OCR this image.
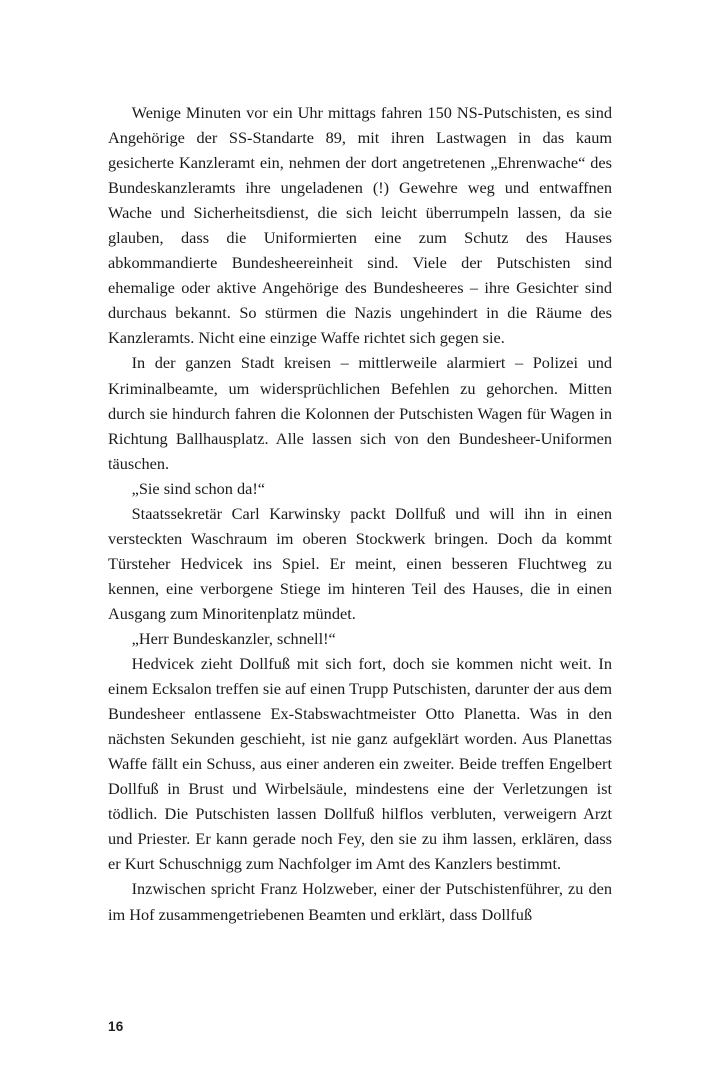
Wenige Minuten vor ein Uhr mittags fahren 150 NS-Putschisten, es sind Angehörige der SS-Standarte 89, mit ihren Lastwagen in das kaum gesicherte Kanzleramt ein, nehmen der dort angetretenen „Ehrenwache“ des Bundeskanzleramts ihre ungeladenen (!) Gewehre weg und entwaffnen Wache und Sicherheitsdienst, die sich leicht überrumpeln lassen, da sie glauben, dass die Uniformierten eine zum Schutz des Hauses abkommandierte Bundesheereinheit sind. Viele der Putschisten sind ehemalige oder aktive Angehörige des Bundesheeres – ihre Gesichter sind durchaus bekannt. So stürmen die Nazis ungehindert in die Räume des Kanzleramts. Nicht eine einzige Waffe richtet sich gegen sie.

In der ganzen Stadt kreisen – mittlerweile alarmiert – Polizei und Kriminalbeamte, um widersprüchlichen Befehlen zu gehorchen. Mitten durch sie hindurch fahren die Kolonnen der Putschisten Wagen für Wagen in Richtung Ballhausplatz. Alle lassen sich von den Bundesheer-Uniformen täuschen.

„Sie sind schon da!“

Staatssekretär Carl Karwinsky packt Dollfuß und will ihn in einen versteckten Waschraum im oberen Stockwerk bringen. Doch da kommt Türsteher Hedvicek ins Spiel. Er meint, einen besseren Fluchtweg zu kennen, eine verborgene Stiege im hinteren Teil des Hauses, die in einen Ausgang zum Minoritenplatz mündet.

„Herr Bundeskanzler, schnell!“

Hedvicek zieht Dollfuß mit sich fort, doch sie kommen nicht weit. In einem Ecksalon treffen sie auf einen Trupp Putschisten, darunter der aus dem Bundesheer entlassene Ex-Stabswachtmeister Otto Planetta. Was in den nächsten Sekunden geschieht, ist nie ganz aufgeklärt worden. Aus Planettas Waffe fällt ein Schuss, aus einer anderen ein zweiter. Beide treffen Engelbert Dollfuß in Brust und Wirbelsäule, mindestens eine der Verletzungen ist tödlich. Die Putschisten lassen Dollfuß hilflos verbluten, verweigern Arzt und Priester. Er kann gerade noch Fey, den sie zu ihm lassen, erklären, dass er Kurt Schuschnigg zum Nachfolger im Amt des Kanzlers bestimmt.

Inzwischen spricht Franz Holzweber, einer der Putschistenführer, zu den im Hof zusammengetriebenen Beamten und erklärt, dass Dollfuß

16
